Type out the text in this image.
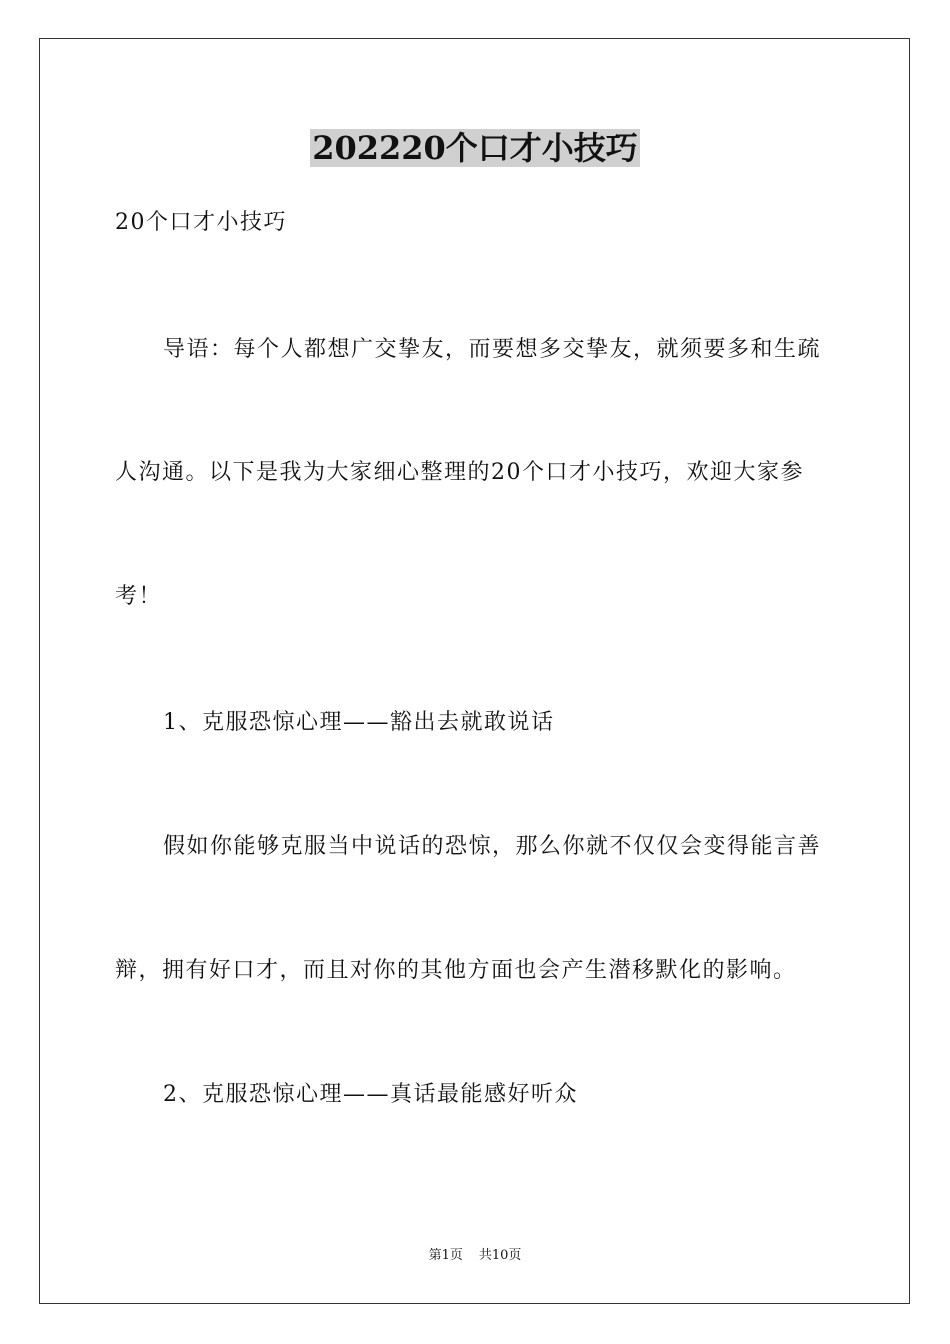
202220个口才小技巧
20个口才小技巧
导语：每个人都想广交挚友，而要想多交挚友，就须要多和生疏
人沟通。以下是我为大家细心整理的20个口才小技巧，欢迎大家参
考！
1、克服恐惊心理——豁出去就敢说话
假如你能够克服当中说话的恐惊，那么你就不仅仅会变得能言善
辩，拥有好口才，而且对你的其他方面也会产生潜移默化的影响。
2、克服恐惊心理——真话最能感好听众
第1页 共10页
